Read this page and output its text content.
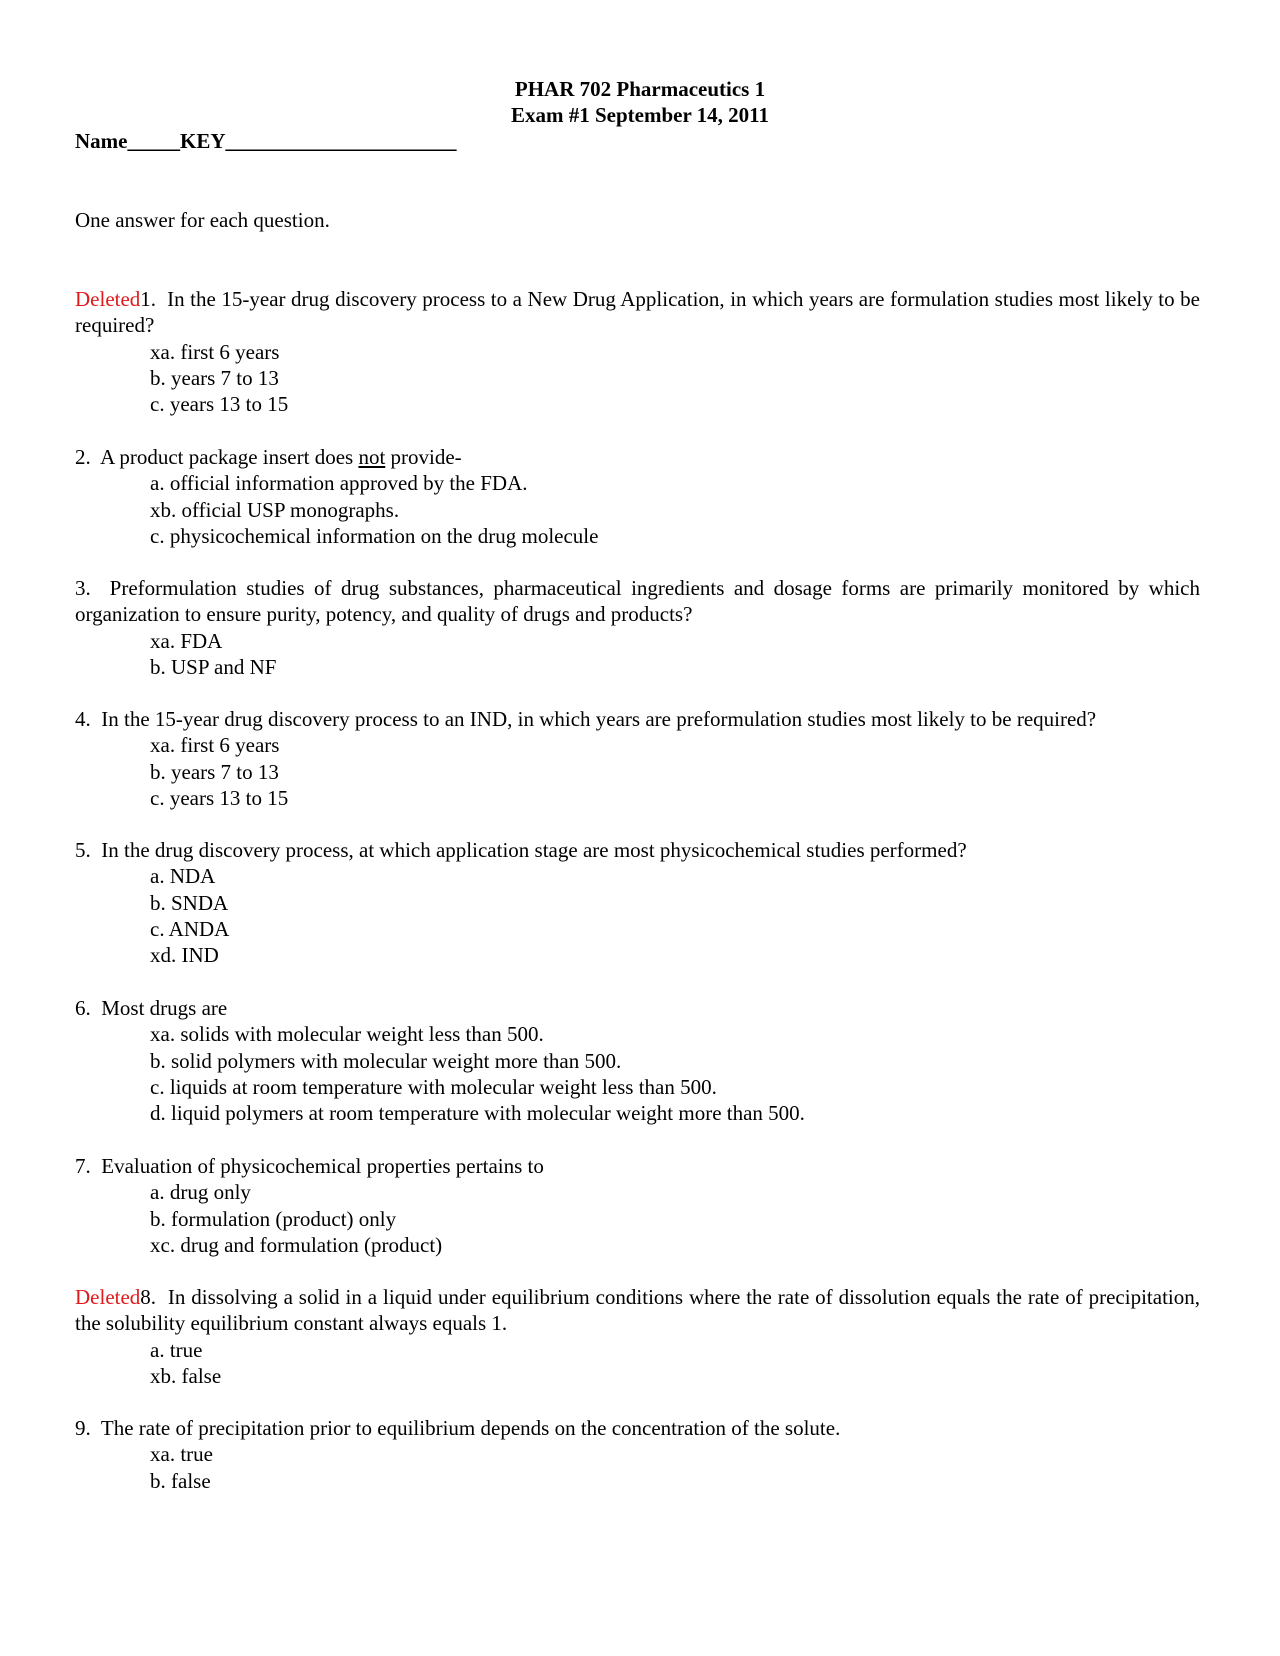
PHAR 702 Pharmaceutics 1
Exam #1 September 14, 2011
Name_____KEY______________________
One answer for each question.
Deleted1. In the 15-year drug discovery process to a New Drug Application, in which years are formulation studies most likely to be required?
xa. first 6 years
b. years 7 to 13
c. years 13 to 15
2. A product package insert does not provide-
a. official information approved by the FDA.
xb. official USP monographs.
c. physicochemical information on the drug molecule
3. Preformulation studies of drug substances, pharmaceutical ingredients and dosage forms are primarily monitored by which organization to ensure purity, potency, and quality of drugs and products?
xa. FDA
b. USP and NF
4. In the 15-year drug discovery process to an IND, in which years are preformulation studies most likely to be required?
xa. first 6 years
b. years 7 to 13
c. years 13 to 15
5. In the drug discovery process, at which application stage are most physicochemical studies performed?
a. NDA
b. SNDA
c. ANDA
xd. IND
6. Most drugs are
xa. solids with molecular weight less than 500.
b. solid polymers with molecular weight more than 500.
c. liquids at room temperature with molecular weight less than 500.
d. liquid polymers at room temperature with molecular weight more than 500.
7. Evaluation of physicochemical properties pertains to
a. drug only
b. formulation (product) only
xc. drug and formulation (product)
Deleted8. In dissolving a solid in a liquid under equilibrium conditions where the rate of dissolution equals the rate of precipitation, the solubility equilibrium constant always equals 1.
a. true
xb. false
9. The rate of precipitation prior to equilibrium depends on the concentration of the solute.
xa. true
b. false
